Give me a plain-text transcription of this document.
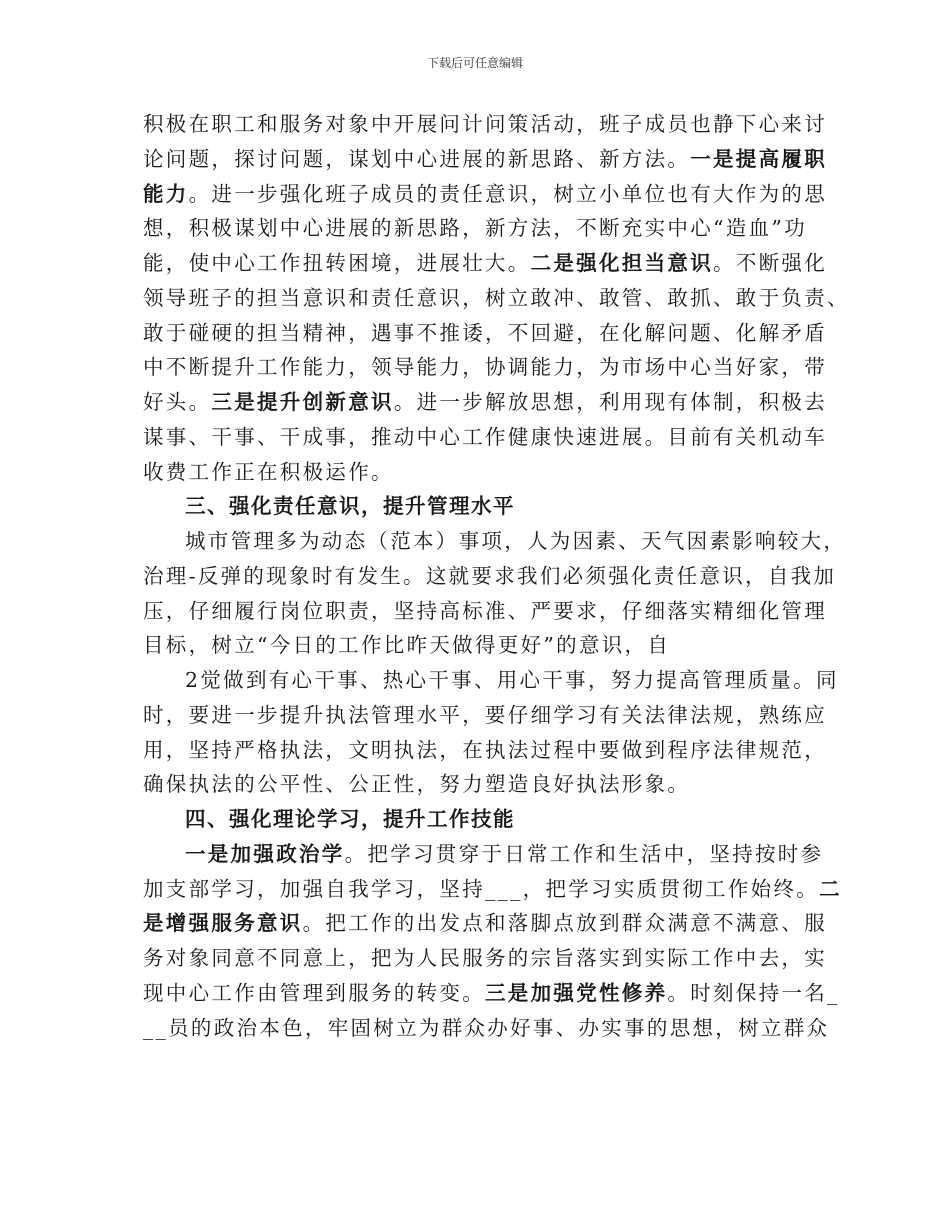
下载后可任意编辑
积极在职工和服务对象中开展问计问策活动，班子成员也静下心来讨
论问题，探讨问题，谋划中心进展的新思路、新方法。一是提高履职
能力。进一步强化班子成员的责任意识，树立小单位也有大作为的思
想，积极谋划中心进展的新思路，新方法，不断充实中心“造血”功
能，使中心工作扭转困境，进展壮大。二是强化担当意识。不断强化
领导班子的担当意识和责任意识，树立敢冲、敢管、敢抓、敢于负责、
敢于碰硬的担当精神，遇事不推诿，不回避，在化解问题、化解矛盾
中不断提升工作能力，领导能力，协调能力，为市场中心当好家，带
好头。三是提升创新意识。进一步解放思想，利用现有体制，积极去
谋事、干事、干成事，推动中心工作健康快速进展。目前有关机动车
收费工作正在积极运作。
三、强化责任意识，提升管理水平
城市管理多为动态（范本）事项，人为因素、天气因素影响较大，
治理-反弹的现象时有发生。这就要求我们必须强化责任意识，自我加
压，仔细履行岗位职责，坚持高标准、严要求，仔细落实精细化管理
目标，树立“今日的工作比昨天做得更好”的意识，自
2觉做到有心干事、热心干事、用心干事，努力提高管理质量。同
时，要进一步提升执法管理水平，要仔细学习有关法律法规，熟练应
用，坚持严格执法，文明执法，在执法过程中要做到程序法律规范，
确保执法的公平性、公正性，努力塑造良好执法形象。
四、强化理论学习，提升工作技能
一是加强政治学。把学习贯穿于日常工作和生活中，坚持按时参
加支部学习，加强自我学习，坚持___，把学习实质贯彻工作始终。二
是增强服务意识。把工作的出发点和落脚点放到群众满意不满意、服
务对象同意不同意上，把为人民服务的宗旨落实到实际工作中去，实
现中心工作由管理到服务的转变。三是加强党性修养。时刻保持一名_
__员的政治本色，牢固树立为群众办好事、办实事的思想，树立群众
